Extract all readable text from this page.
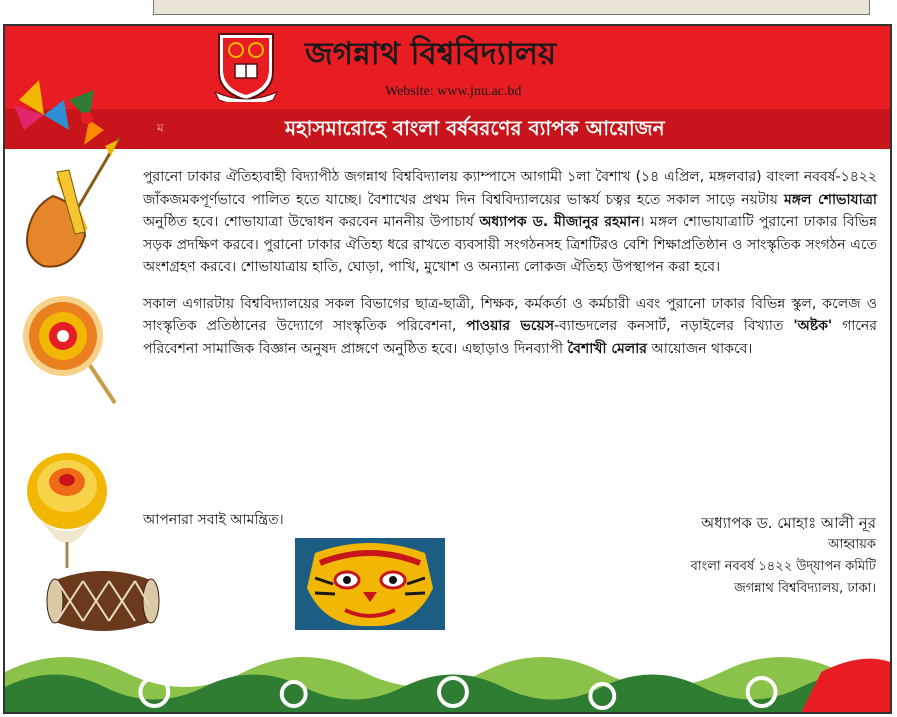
জগন্নাথ বিশ্ববিদ্যালয়
Website: www.jnu.ac.bd
ম	মহাসমারোহে বাংলা বর্ষবরণের ব্যাপক আয়োজন

পুরানো ঢাকার ঐতিহ্যবাহী বিদ্যাপীঠ জগন্নাথ বিশ্ববিদ্যালয় ক্যাম্পাসে আগামী ১লা বৈশাখ (১৪ এপ্রিল, মঙ্গলবার) বাংলা নববর্ষ-১৪২২ জাঁকজমকপূর্ণভাবে পালিত হতে যাচ্ছে। বৈশাখের প্রথম দিন বিশ্ববিদ্যালয়ের ভাস্কর্য চত্বর হতে সকাল সাড়ে নয়টায় মঙ্গল শোভাযাত্রা অনুষ্ঠিত হবে। শোভাযাত্রা উদ্বোধন করবেন মাননীয় উপাচার্য অধ্যাপক ড. মীজানুর রহমান। মঙ্গল শোভাযাত্রাটি পুরানো ঢাকার বিভিন্ন সড়ক প্রদক্ষিণ করবে। পুরানো ঢাকার ঐতিহ্য ধরে রাখতে ব্যবসায়ী সংগঠনসহ ত্রিশটিরও বেশি শিক্ষাপ্রতিষ্ঠান ও সাংস্কৃতিক সংগঠন এতে অংশগ্রহণ করবে। শোভাযাত্রায় হাতি, ঘোড়া, পাখি, মুখোশ ও অন্যান্য লোকজ ঐতিহ্য উপস্থাপন করা হবে।

সকাল এগারটায় বিশ্ববিদ্যালয়ের সকল বিভাগের ছাত্র-ছাত্রী, শিক্ষক, কর্মকর্তা ও কর্মচারী এবং পুরানো ঢাকার বিভিন্ন স্কুল, কলেজ ও সাংস্কৃতিক প্রতিষ্ঠানের উদ্যোগে সাংস্কৃতিক পরিবেশনা, পাওয়ার ভয়েস-ব্যান্ডদলের কনসার্ট, নড়াইলের বিখ্যাত 'অষ্টক' গানের পরিবেশনা সামাজিক বিজ্ঞান অনুষদ প্রাঙ্গণে অনুষ্ঠিত হবে। এছাড়াও দিনব্যাপী বৈশাখী মেলার আয়োজন থাকবে।

আপনারা সবাই আমন্ত্রিত।	অধ্যাপক ড. মোহাঃ আলী নূর
আহ্বায়ক
বাংলা নববর্ষ ১৪২২ উদ্‌যাপন কমিটি
জগন্নাথ বিশ্ববিদ্যালয়, ঢাকা।
